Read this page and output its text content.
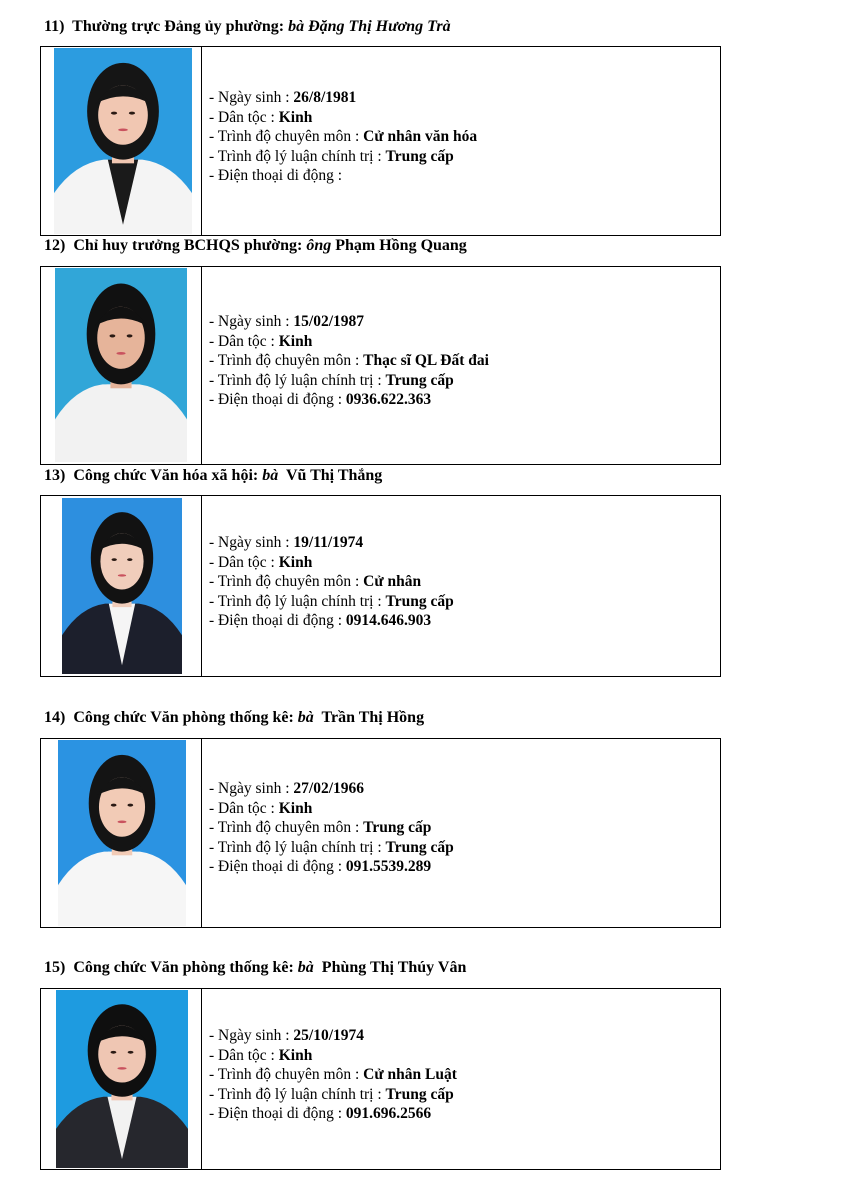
11) Thường trực Đảng ủy phường: bà Đặng Thị Hương Trà
- Ngày sinh : 26/8/1981
- Dân tộc : Kinh
- Trình độ chuyên môn : Cử nhân văn hóa
- Trình độ lý luận chính trị : Trung cấp
- Điện thoại di động :
12) Chỉ huy trưởng BCHQS phường: ông Phạm Hồng Quang
- Ngày sinh : 15/02/1987
- Dân tộc : Kinh
- Trình độ chuyên môn : Thạc sĩ QL Đất đai
- Trình độ lý luận chính trị : Trung cấp
- Điện thoại di động : 0936.622.363
13) Công chức Văn hóa xã hội: bà Vũ Thị Thắng
- Ngày sinh : 19/11/1974
- Dân tộc : Kinh
- Trình độ chuyên môn : Cử nhân
- Trình độ lý luận chính trị : Trung cấp
- Điện thoại di động : 0914.646.903
14) Công chức Văn phòng thống kê: bà Trần Thị Hồng
- Ngày sinh : 27/02/1966
- Dân tộc : Kinh
- Trình độ chuyên môn : Trung cấp
- Trình độ lý luận chính trị : Trung cấp
- Điện thoại di động : 091.5539.289
15) Công chức Văn phòng thống kê: bà Phùng Thị Thúy Vân
- Ngày sinh : 25/10/1974
- Dân tộc : Kinh
- Trình độ chuyên môn : Cử nhân Luật
- Trình độ lý luận chính trị : Trung cấp
- Điện thoại di động : 091.696.2566
